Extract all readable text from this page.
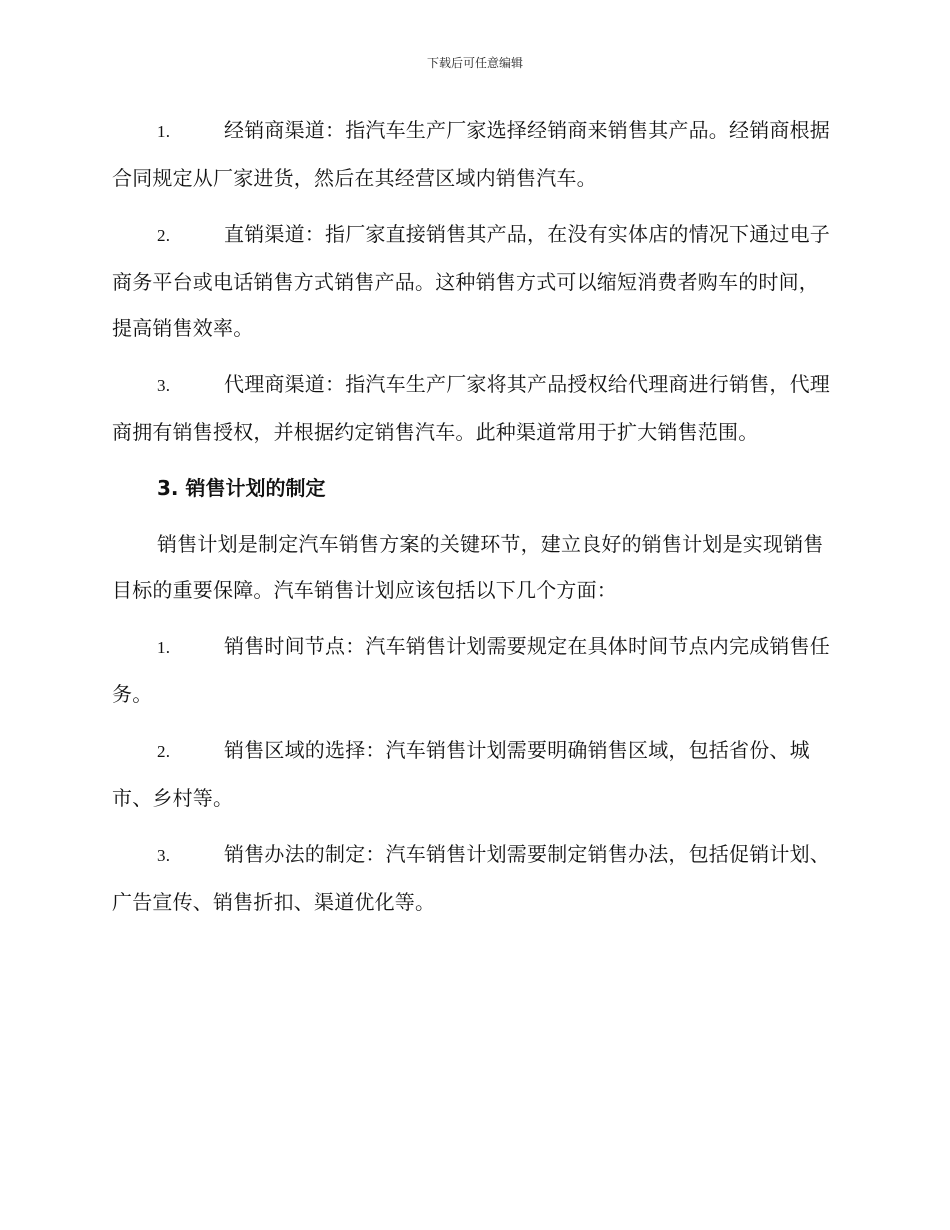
下载后可任意编辑

1.	经销商渠道：指汽车生产厂家选择经销商来销售其产品。经销商根据合同规定从厂家进货，然后在其经营区域内销售汽车。

2.	直销渠道：指厂家直接销售其产品，在没有实体店的情况下通过电子商务平台或电话销售方式销售产品。这种销售方式可以缩短消费者购车的时间，提高销售效率。

3.	代理商渠道：指汽车生产厂家将其产品授权给代理商进行销售，代理商拥有销售授权，并根据约定销售汽车。此种渠道常用于扩大销售范围。

3. 销售计划的制定

销售计划是制定汽车销售方案的关键环节，建立良好的销售计划是实现销售目标的重要保障。汽车销售计划应该包括以下几个方面：

1.	销售时间节点：汽车销售计划需要规定在具体时间节点内完成销售任务。

2.	销售区域的选择：汽车销售计划需要明确销售区域，包括省份、城市、乡村等。

3.	销售办法的制定：汽车销售计划需要制定销售办法，包括促销计划、广告宣传、销售折扣、渠道优化等。
